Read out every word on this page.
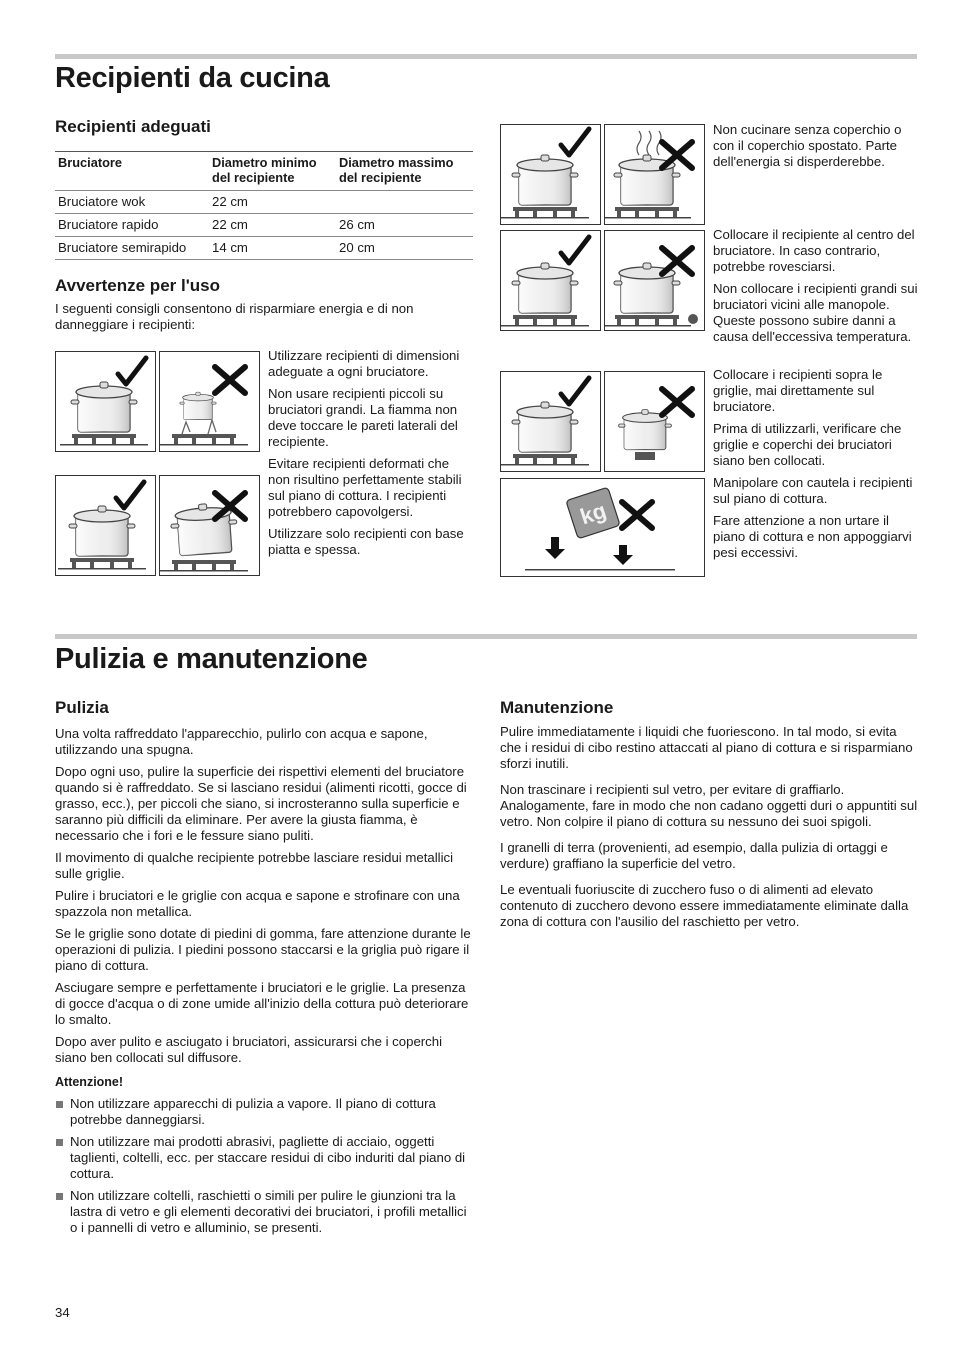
Recipienti da cucina
Recipienti adeguati
Bruciatore	Diametro minimo del recipiente	Diametro massimo del recipiente
Bruciatore wok	22 cm	
Bruciatore rapido	22 cm	26 cm
Bruciatore semirapido	14 cm	20 cm
Avvertenze per l'uso

I seguenti consigli consentono di risparmiare energia e di non danneggiare i recipienti:

Utilizzare recipienti di dimensioni adeguate a ogni bruciatore.

Non usare recipienti piccoli su bruciatori grandi. La fiamma non deve toccare le pareti laterali del recipiente.

Evitare recipienti deformati che non risultino perfettamente stabili sul piano di cottura. I recipienti potrebbero capovolgersi.

Utilizzare solo recipienti con base piatta e spessa.

kg

Non cucinare senza coperchio o con il coperchio spostato. Parte dell'energia si disperderebbe.

Collocare il recipiente al centro del bruciatore. In caso contrario, potrebbe rovesciarsi.

Non collocare i recipienti grandi sui bruciatori vicini alle manopole. Queste possono subire danni a causa dell'eccessiva temperatura.

Collocare i recipienti sopra le griglie, mai direttamente sul bruciatore.

Prima di utilizzarli, verificare che griglie e coperchi dei bruciatori siano ben collocati.

Manipolare con cautela i recipienti sul piano di cottura.

Fare attenzione a non urtare il piano di cottura e non appoggiarvi pesi eccessivi.

Pulizia e manutenzione
Pulizia

Una volta raffreddato l'apparecchio, pulirlo con acqua e sapone, utilizzando una spugna.

Dopo ogni uso, pulire la superficie dei rispettivi elementi del bruciatore quando si è raffreddato. Se si lasciano residui (alimenti ricotti, gocce di grasso, ecc.), per piccoli che siano, si incrosteranno sulla superficie e saranno più difficili da eliminare. Per avere la giusta fiamma, è necessario che i fori e le fessure siano puliti.

Il movimento di qualche recipiente potrebbe lasciare residui metallici sulle griglie.

Pulire i bruciatori e le griglie con acqua e sapone e strofinare con una spazzola non metallica.

Se le griglie sono dotate di piedini di gomma, fare attenzione durante le operazioni di pulizia. I piedini possono staccarsi e la griglia può rigare il piano di cottura.

Asciugare sempre e perfettamente i bruciatori e le griglie. La presenza di gocce d'acqua o di zone umide all'inizio della cottura può deteriorare lo smalto.

Dopo aver pulito e asciugato i bruciatori, assicurarsi che i coperchi siano ben collocati sul diffusore.

Attenzione!

Non utilizzare apparecchi di pulizia a vapore. Il piano di cottura potrebbe danneggiarsi.
Non utilizzare mai prodotti abrasivi, pagliette di acciaio, oggetti taglienti, coltelli, ecc. per staccare residui di cibo induriti dal piano di cottura.
Non utilizzare coltelli, raschietti o simili per pulire le giunzioni tra la lastra di vetro e gli elementi decorativi dei bruciatori, i profili metallici o i pannelli di vetro e alluminio, se presenti.
Manutenzione

Pulire immediatamente i liquidi che fuoriescono. In tal modo, si evita che i residui di cibo restino attaccati al piano di cottura e si risparmiano sforzi inutili.

Non trascinare i recipienti sul vetro, per evitare di graffiarlo. Analogamente, fare in modo che non cadano oggetti duri o appuntiti sul vetro. Non colpire il piano di cottura su nessuno dei suoi spigoli.

I granelli di terra (provenienti, ad esempio, dalla pulizia di ortaggi e verdure) graffiano la superficie del vetro.

Le eventuali fuoriuscite di zucchero fuso o di alimenti ad elevato contenuto di zucchero devono essere immediatamente eliminate dalla zona di cottura con l'ausilio del raschietto per vetro.

34
